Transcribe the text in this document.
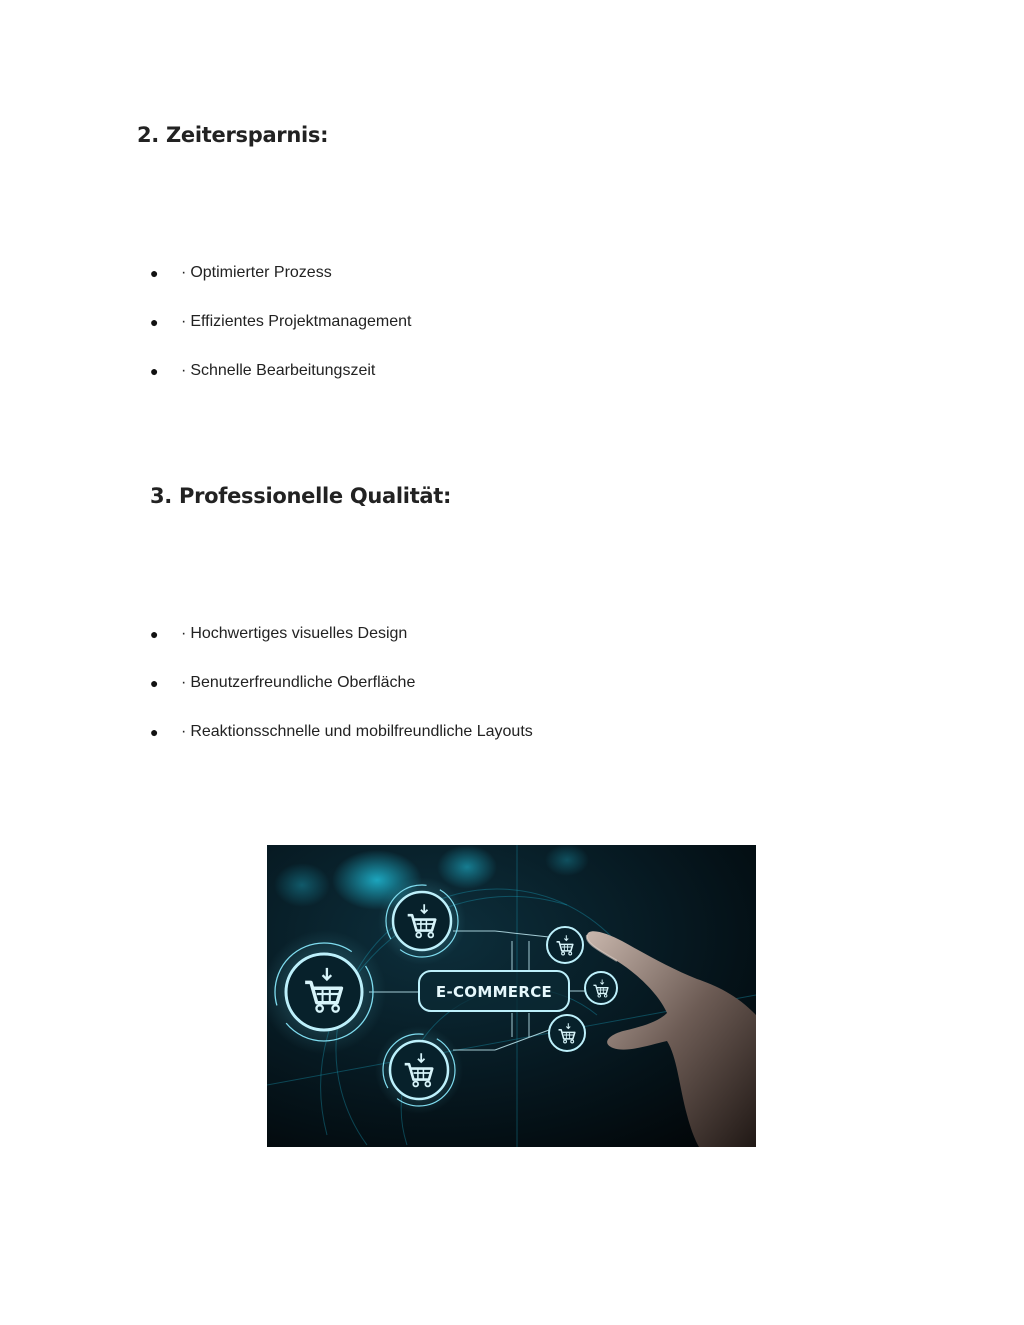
2. Zeitersparnis:
●	· Optimierter Prozess
●	· Effizientes Projektmanagement
●	· Schnelle Bearbeitungszeit
3. Professionelle Qualität:
●	· Hochwertiges visuelles Design
●	· Benutzerfreundliche Oberfläche
●	· Reaktionsschnelle und mobilfreundliche Layouts
E-COMMERCE
